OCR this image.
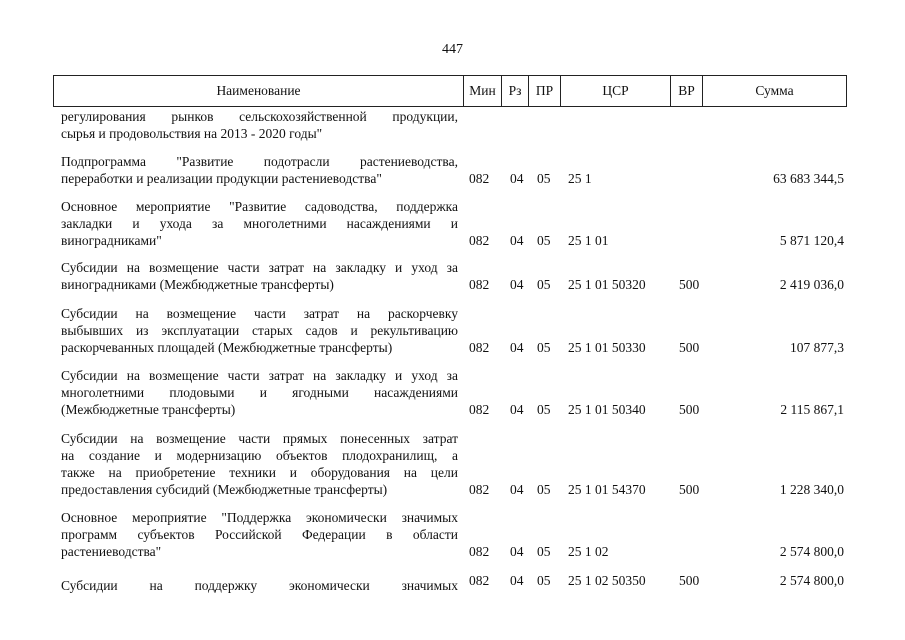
447
Наименование	Мин Рз	ПР	ЦСР	ВР	Сумма
регулирования рынков сельскохозяйственной продукции,
сырья и продовольствия на 2013 - 2020 годы"
Подпрограмма "Развитие подотрасли растениеводства,
переработки и реализации продукции растениеводства"	082 04 05 25 1	63 683 344,5
Основное мероприятие "Развитие садоводства, поддержка
закладки и ухода за многолетними насаждениями и
виноградниками"	082 04 05 25 1 01	5 871 120,4
Субсидии на возмещение части затрат на закладку и уход за
виноградниками (Межбюджетные трансферты)	082 04 05 25 1 01 50320 500	2 419 036,0
Субсидии на возмещение части затрат на раскорчевку
выбывших из эксплуатации старых садов и рекультивацию
раскорчеванных площадей (Межбюджетные трансферты)	082 04 05 25 1 01 50330 500	107 877,3
Субсидии на возмещение части затрат на закладку и уход за
многолетними плодовыми и ягодными насаждениями
(Межбюджетные трансферты)	082 04 05 25 1 01 50340 500	2 115 867,1
Субсидии на возмещение части прямых понесенных затрат
на создание и модернизацию объектов плодохранилищ, а
также на приобретение техники и оборудования на цели
предоставления субсидий (Межбюджетные трансферты)	082 04 05 25 1 01 54370 500	1 228 340,0
Основное мероприятие "Поддержка экономически значимых
программ субъектов Российской Федерации в области
растениеводства"	082 04 05 25 1 02	2 574 800,0
Субсидии на поддержку экономически значимых 082 04 05 25 1 02 50350 500	2 574 800,0
